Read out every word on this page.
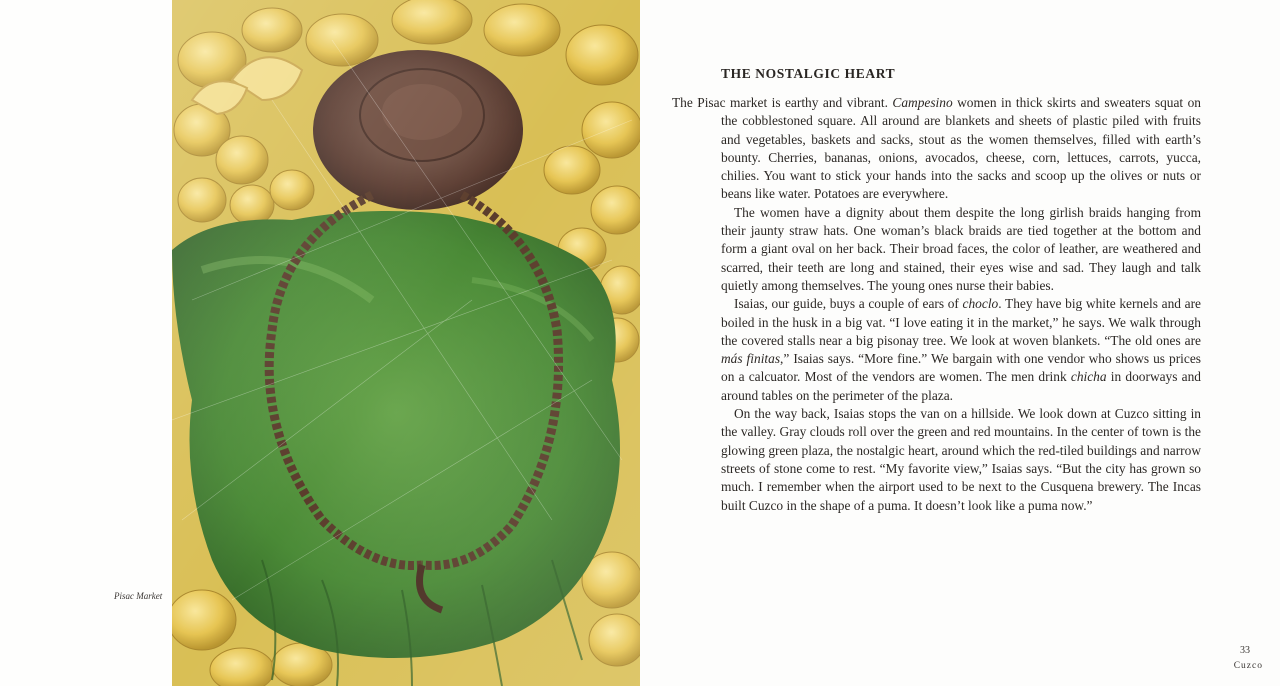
Pisac Market
THE NOSTALGIC HEART

The Pisac market is earthy and vibrant. Campesino women in thick skirts and sweaters squat on the cobblestoned square. All around are blankets and sheets of plastic piled with fruits and vegetables, baskets and sacks, stout as the women themselves, filled with earth’s bounty. Cherries, bananas, onions, avocados, cheese, corn, lettuces, carrots, yucca, chilies. You want to stick your hands into the sacks and scoop up the olives or nuts or beans like water. Potatoes are everywhere.

The women have a dignity about them despite the long girlish braids hanging from their jaunty straw hats. One woman’s black braids are tied together at the bottom and form a giant oval on her back. Their broad faces, the color of leather, are weathered and scarred, their teeth are long and stained, their eyes wise and sad. They laugh and talk quietly among themselves. The young ones nurse their babies.

Isaias, our guide, buys a couple of ears of choclo. They have big white kernels and are boiled in the husk in a big vat. “I love eating it in the market,” he says. We walk through the covered stalls near a big pisonay tree. We look at woven blankets. “The old ones are más finitas,” Isaias says. “More fine.” We bargain with one vendor who shows us prices on a calcuator. Most of the vendors are women. The men drink chicha in doorways and around tables on the perimeter of the plaza.

On the way back, Isaias stops the van on a hillside. We look down at Cuzco sitting in the valley. Gray clouds roll over the green and red mountains. In the center of town is the glowing green plaza, the nostalgic heart, around which the red-tiled buildings and narrow streets of stone come to rest. “My favorite view,” Isaias says. “But the city has grown so much. I remember when the airport used to be next to the Cusquena brewery. The Incas built Cuzco in the shape of a puma. It doesn’t look like a puma now.”

33
Cuzco
